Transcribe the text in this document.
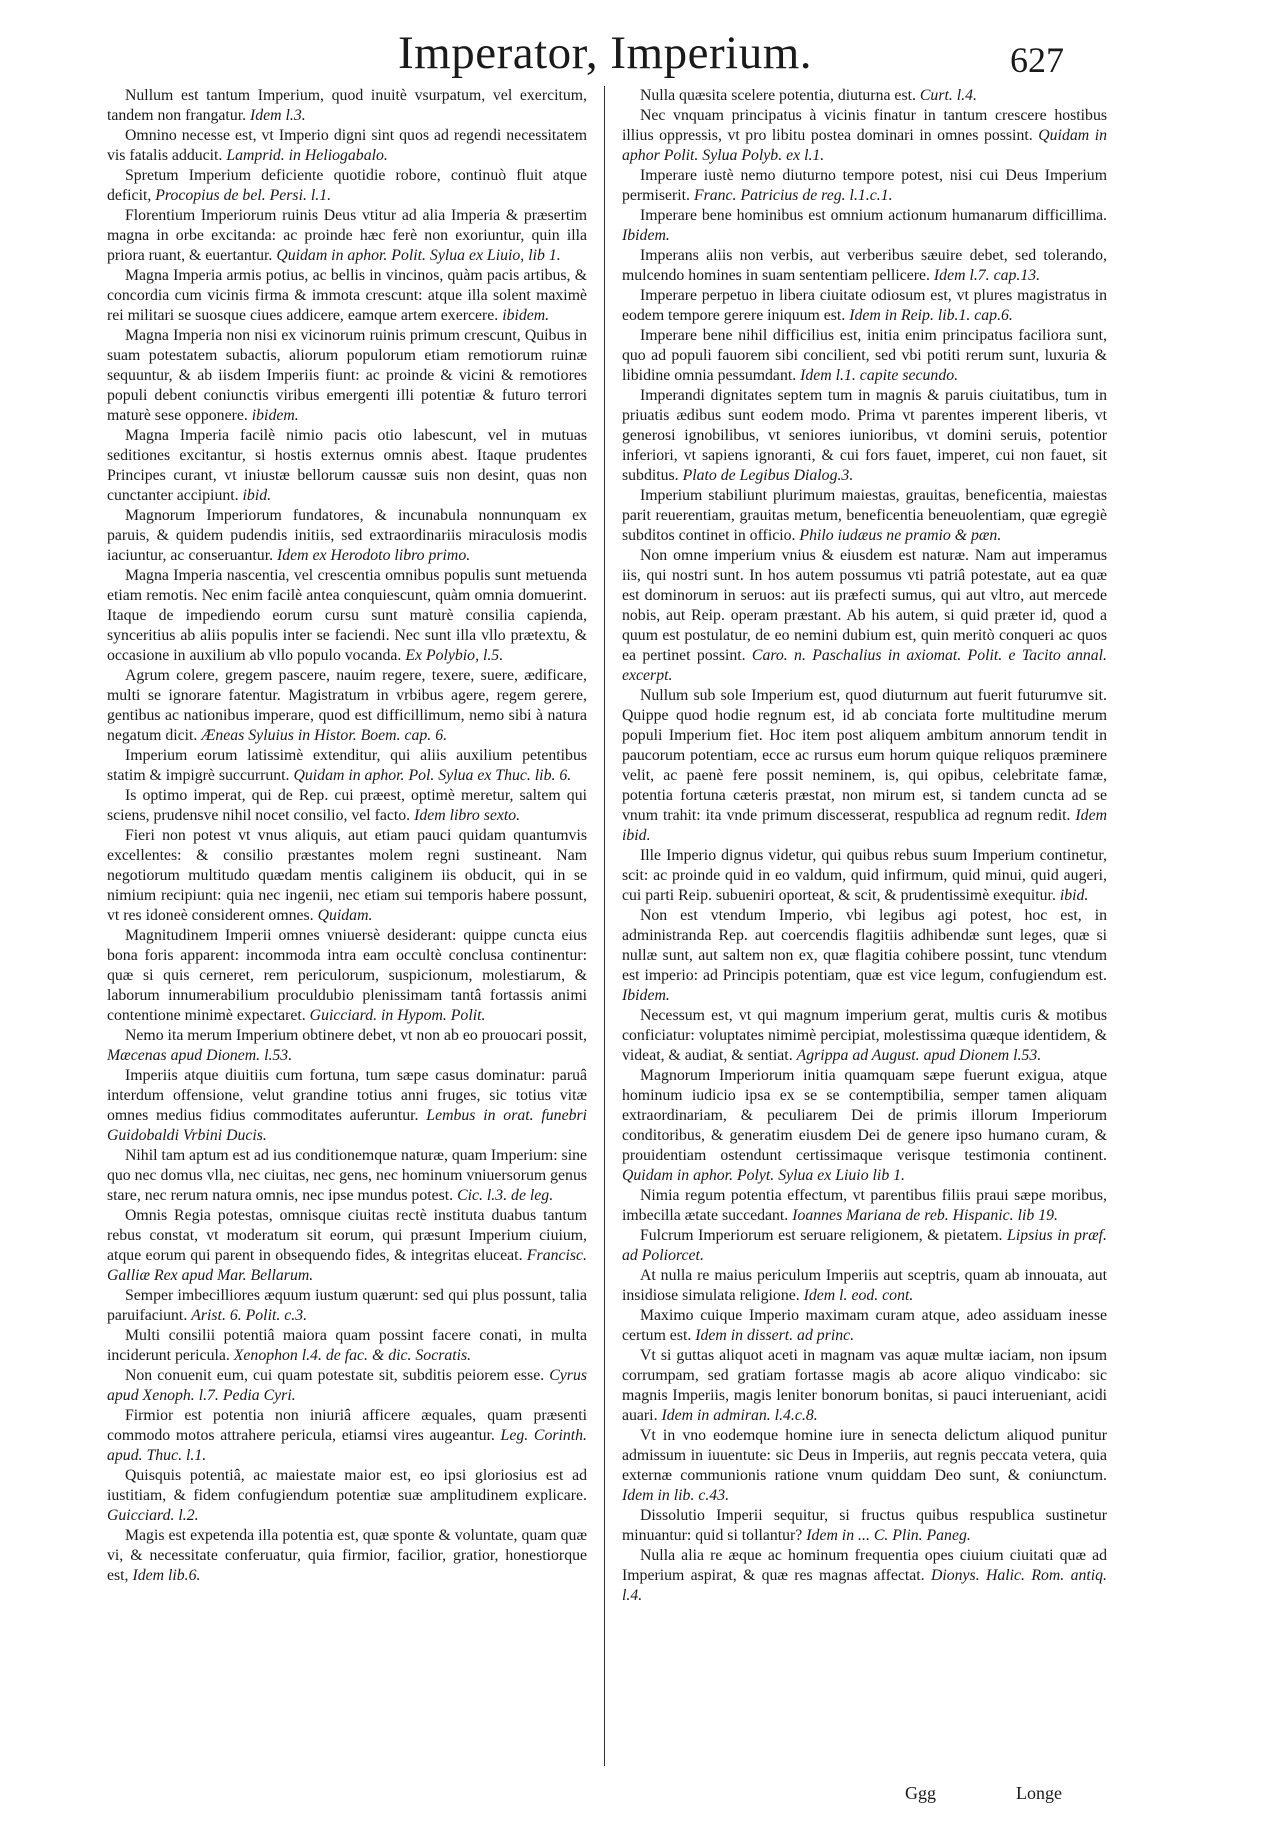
Imperator, Imperium.	627

Nullum est tantum Imperium, quod inuitè vsurpatum, vel exercitum, tandem non frangatur. Idem l.3.

Omnino necesse est, vt Imperio digni sint quos ad regendi necessitatem vis fatalis adducit. Lamprid. in Heliogabalo.

Spretum Imperium deficiente quotidie robore, continuò fluit atque deficit, Procopius de bel. Persi. l.1.

Florentium Imperiorum ruinis Deus vtitur ad alia Imperia & præsertim magna in orbe excitanda: ac proinde hæc ferè non exoriuntur, quin illa priora ruant, & euertantur. Quidam in aphor. Polit. Sylua ex Liuio, lib 1.

Magna Imperia armis potius, ac bellis in vincinos, quàm pacis artibus, & concordia cum vicinis firma & immota crescunt: atque illa solent maximè rei militari se suosque ciues addicere, eamque artem exercere. ibidem.

Magna Imperia non nisi ex vicinorum ruinis primum crescunt, Quibus in suam potestatem subactis, aliorum populorum etiam remotiorum ruinæ sequuntur, & ab iisdem Imperiis fiunt: ac proinde & vicini & remotiores populi debent coniunctis viribus emergenti illi potentiæ & futuro terrori maturè sese opponere. ibidem.

Magna Imperia facilè nimio pacis otio labescunt, vel in mutuas seditiones excitantur, si hostis externus omnis abest. Itaque prudentes Principes curant, vt iniustæ bellorum caussæ suis non desint, quas non cunctanter accipiunt. ibid.

Magnorum Imperiorum fundatores, & incunabula nonnunquam ex paruis, & quidem pudendis initiis, sed extraordinariis miraculosis modis iaciuntur, ac conseruantur. Idem ex Herodoto libro primo.

Magna Imperia nascentia, vel crescentia omnibus populis sunt metuenda etiam remotis. Nec enim facilè antea conquiescunt, quàm omnia domuerint. Itaque de impediendo eorum cursu sunt maturè consilia capienda, synceritius ab aliis populis inter se faciendi. Nec sunt illa vllo prætextu, & occasione in auxilium ab vllo populo vocanda. Ex Polybio, l.5.

Agrum colere, gregem pascere, nauim regere, texere, suere, ædificare, multi se ignorare fatentur. Magistratum in vrbibus agere, regem gerere, gentibus ac nationibus imperare, quod est difficillimum, nemo sibi à natura negatum dicit. Æneas Syluius in Histor. Boem. cap. 6.

Imperium eorum latissimè extenditur, qui aliis auxilium petentibus statim & impigrè succurrunt. Quidam in aphor. Pol. Sylua ex Thuc. lib. 6.

Is optimo imperat, qui de Rep. cui præest, optimè meretur, saltem qui sciens, prudensve nihil nocet consilio, vel facto. Idem libro sexto.

Fieri non potest vt vnus aliquis, aut etiam pauci quidam quantumvis excellentes: & consilio præstantes molem regni sustineant. Nam negotiorum multitudo quædam mentis caliginem iis obducit, qui in se nimium recipiunt: quia nec ingenii, nec etiam sui temporis habere possunt, vt res idoneè considerent omnes. Quidam.

Magnitudinem Imperii omnes vniuersè desiderant: quippe cuncta eius bona foris apparent: incommoda intra eam occultè conclusa continentur: quæ si quis cerneret, rem periculorum, suspicionum, molestiarum, & laborum innumerabilium proculdubio plenissimam tantâ fortassis animi contentione minimè expectaret. Guicciard. in Hypom. Polit.

Nemo ita merum Imperium obtinere debet, vt non ab eo prouocari possit, Mæcenas apud Dionem. l.53.

Imperiis atque diuitiis cum fortuna, tum sæpe casus dominatur: paruâ interdum offensione, velut grandine totius anni fruges, sic totius vitæ omnes medius fidius commoditates auferuntur. Lembus in orat. funebri Guidobaldi Vrbini Ducis.

Nihil tam aptum est ad ius conditionemque naturæ, quam Imperium: sine quo nec domus vlla, nec ciuitas, nec gens, nec hominum vniuersorum genus stare, nec rerum natura omnis, nec ipse mundus potest. Cic. l.3. de leg.

Omnis Regia potestas, omnisque ciuitas rectè instituta duabus tantum rebus constat, vt moderatum sit eorum, qui præsunt Imperium ciuium, atque eorum qui parent in obsequendo fides, & integritas eluceat. Francisc. Galliæ Rex apud Mar. Bellarum.

Semper imbecilliores æquum iustum quærunt: sed qui plus possunt, talia paruifaciunt. Arist. 6. Polit. c.3.

Multi consilii potentiâ maiora quam possint facere conati, in multa inciderunt pericula. Xenophon l.4. de fac. & dic. Socratis.

Non conuenit eum, cui quam potestate sit, subditis peiorem esse. Cyrus apud Xenoph. l.7. Pedia Cyri.

Firmior est potentia non iniuriâ afficere æquales, quam præsenti commodo motos attrahere pericula, etiamsi vires augeantur. Leg. Corinth. apud. Thuc. l.1.

Quisquis potentiâ, ac maiestate maior est, eo ipsi gloriosius est ad iustitiam, & fidem confugiendum potentiæ suæ amplitudinem explicare. Guicciard. l.2.

Magis est expetenda illa potentia est, quæ sponte & voluntate, quam quæ vi, & necessitate conferuatur, quia firmior, facilior, gratior, honestiorque est, Idem lib.6.

Nulla quæsita scelere potentia, diuturna est. Curt. l.4.

Nec vnquam principatus à vicinis finatur in tantum crescere hostibus illius oppressis, vt pro libitu postea dominari in omnes possint. Quidam in aphor Polit. Sylua Polyb. ex l.1.

Imperare iustè nemo diuturno tempore potest, nisi cui Deus Imperium permiserit. Franc. Patricius de reg. l.1.c.1.

Imperare bene hominibus est omnium actionum humanarum difficillima. Ibidem.

Imperans aliis non verbis, aut verberibus sæuire debet, sed tolerando, mulcendo homines in suam sententiam pellicere. Idem l.7. cap.13.

Imperare perpetuo in libera ciuitate odiosum est, vt plures magistratus in eodem tempore gerere iniquum est. Idem in Reip. lib.1. cap.6.

Imperare bene nihil difficilius est, initia enim principatus faciliora sunt, quo ad populi fauorem sibi concilient, sed vbi potiti rerum sunt, luxuria & libidine omnia pessumdant. Idem l.1. capite secundo.

Imperandi dignitates septem tum in magnis & paruis ciuitatibus, tum in priuatis ædibus sunt eodem modo. Prima vt parentes imperent liberis, vt generosi ignobilibus, vt seniores iunioribus, vt domini seruis, potentior inferiori, vt sapiens ignoranti, & cui fors fauet, imperet, cui non fauet, sit subditus. Plato de Legibus Dialog.3.

Imperium stabiliunt plurimum maiestas, grauitas, beneficentia, maiestas parit reuerentiam, grauitas metum, beneficentia beneuolentiam, quæ egregiè subditos continet in officio. Philo iudæus ne pramio & pæn.

Non omne imperium vnius & eiusdem est naturæ. Nam aut imperamus iis, qui nostri sunt. In hos autem possumus vti patriâ potestate, aut ea quæ est dominorum in seruos: aut iis præfecti sumus, qui aut vltro, aut mercede nobis, aut Reip. operam præstant. Ab his autem, si quid præter id, quod a quum est postulatur, de eo nemini dubium est, quin meritò conqueri ac quos ea pertinet possint. Caro. n. Paschalius in axiomat. Polit. e Tacito annal. excerpt.

Nullum sub sole Imperium est, quod diuturnum aut fuerit futurumve sit. Quippe quod hodie regnum est, id ab conciata forte multitudine merum populi Imperium fiet. Hoc item post aliquem ambitum annorum tendit in paucorum potentiam, ecce ac rursus eum horum quique reliquos præminere velit, ac paenè fere possit neminem, is, qui opibus, celebritate famæ, potentia fortuna cæteris præstat, non mirum est, si tandem cuncta ad se vnum trahit: ita vnde primum discesserat, respublica ad regnum redit. Idem ibid.

Ille Imperio dignus videtur, qui quibus rebus suum Imperium continetur, scit: ac proinde quid in eo valdum, quid infirmum, quid minui, quid augeri, cui parti Reip. subueniri oporteat, & scit, & prudentissimè exequitur. ibid.

Non est vtendum Imperio, vbi legibus agi potest, hoc est, in administranda Rep. aut coercendis flagitiis adhibendæ sunt leges, quæ si nullæ sunt, aut saltem non ex, quæ flagitia cohibere possint, tunc vtendum est imperio: ad Principis potentiam, quæ est vice legum, confugiendum est. Ibidem.

Necessum est, vt qui magnum imperium gerat, multis curis & motibus conficiatur: voluptates nimimè percipiat, molestissima quæque identidem, & videat, & audiat, & sentiat. Agrippa ad August. apud Dionem l.53.

Magnorum Imperiorum initia quamquam sæpe fuerunt exigua, atque hominum iudicio ipsa ex se se contemptibilia, semper tamen aliquam extraordinariam, & peculiarem Dei de primis illorum Imperiorum conditoribus, & generatim eiusdem Dei de genere ipso humano curam, & prouidentiam ostendunt certissimaque verisque testimonia continent. Quidam in aphor. Polyt. Sylua ex Liuio lib 1.

Nimia regum potentia effectum, vt parentibus filiis praui sæpe moribus, imbecilla ætate succedant. Ioannes Mariana de reb. Hispanic. lib 19.

Fulcrum Imperiorum est seruare religionem, & pietatem. Lipsius in præf. ad Poliorcet.

At nulla re maius periculum Imperiis aut sceptris, quam ab innouata, aut insidiose simulata religione. Idem l. eod. cont.

Maximo cuique Imperio maximam curam atque, adeo assiduam inesse certum est. Idem in dissert. ad princ.

Vt si guttas aliquot aceti in magnam vas aquæ multæ iaciam, non ipsum corrumpam, sed gratiam fortasse magis ab acore aliquo vindicabo: sic magnis Imperiis, magis leniter bonorum bonitas, si pauci interueniant, acidi auari. Idem in admiran. l.4.c.8.

Vt in vno eodemque homine iure in senecta delictum aliquod punitur admissum in iuuentute: sic Deus in Imperiis, aut regnis peccata vetera, quia externæ communionis ratione vnum quiddam Deo sunt, & coniunctum. Idem in lib. c.43.

Dissolutio Imperii sequitur, si fructus quibus respublica sustinetur minuantur: quid si tollantur? Idem in ... C. Plin. Paneg.

Nulla alia re æque ac hominum frequentia opes ciuium ciuitati quæ ad Imperium aspirat, & quæ res magnas affectat. Dionys. Halic. Rom. antiq. l.4.

Ggg	Longe
